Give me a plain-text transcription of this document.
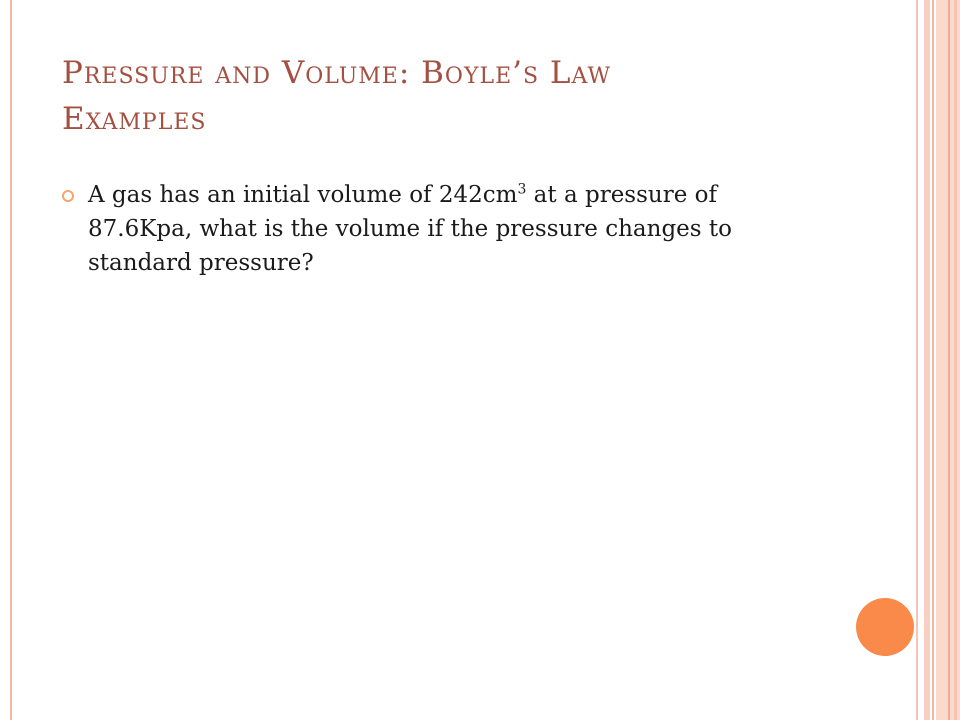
Pressure and Volume: Boyle’s Law
Examples
A gas has an initial volume of $242cm^3$ at a pressure of 87.6Kpa, what is the volume if the pressure changes to standard pressure?
